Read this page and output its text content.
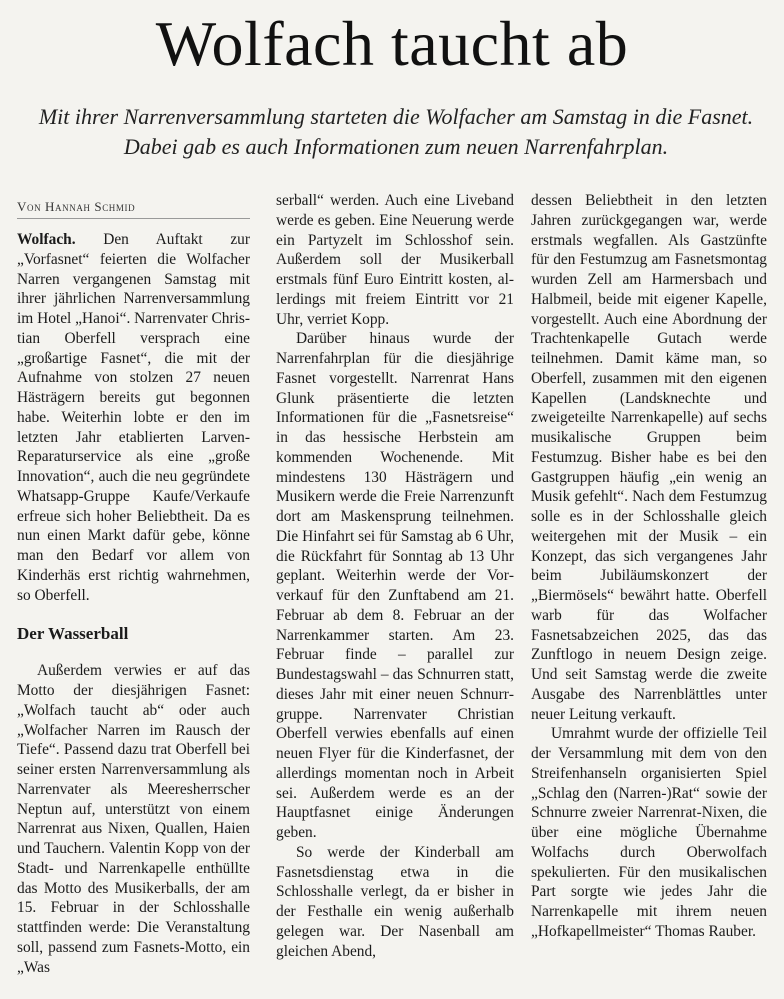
Wolfach taucht ab

Mit ihrer Narrenversammlung starteten die Wolfacher am Samstag in die Fasnet. Dabei gab es auch Informationen zum neuen Narrenfahrplan.

Von Hannah Schmid

Wolfach. Den Auftakt zur „Vorfasnet“ feierten die Wolfacher Narren vergangenen Samstag mit ihrer jährlichen Narrenversammlung im Hotel „Hanoi“. Narrenvater Christian Oberfell versprach eine „großartige Fasnet“, die mit der Aufnahme von stolzen 27 neuen Hästrägern bereits gut begonnen habe. Weiterhin lobte er den im letzten Jahr etablierten Larven-Reparaturservice als eine „große Innovation“, auch die neu gegründete Whatsapp-Gruppe Kaufe/Verkaufe erfreue sich hoher Beliebtheit. Da es nun einen Markt dafür gebe, könne man den Bedarf vor allem von Kinderhäs erst richtig wahrnehmen, so Oberfell.

Der Wasserball

Außerdem verwies er auf das Motto der diesjährigen Fasnet: „Wolfach taucht ab“ oder auch „Wolfacher Narren im Rausch der Tiefe“. Passend dazu trat Oberfell bei seiner ersten Narrenversammlung als Narrenvater als Meeresherrscher Neptun auf, unterstützt von einem Narrenrat aus Nixen, Quallen, Haien und Tauchern. Valentin Kopp von der Stadt- und Narrenkapelle enthüllte das Motto des Musikerballs, der am 15. Februar in der Schlosshalle stattfinden werde: Die Veranstaltung soll, passend zum Fasnets-Motto, ein „Was

serball“ werden. Auch eine Liveband werde es geben. Eine Neuerung werde ein Partyzelt im Schlosshof sein. Außerdem soll der Musikerball erstmals fünf Euro Eintritt kosten, allerdings mit freiem Eintritt vor 21 Uhr, verriet Kopp.

Darüber hinaus wurde der Narrenfahrplan für die diesjährige Fasnet vorgestellt. Narrenrat Hans Glunk präsentierte die letzten Informationen für die „Fasnetsreise“ in das hessische Herbstein am kommenden Wochenende. Mit mindestens 130 Hästrägern und Musikern werde die Freie Narrenzunft dort am Maskensprung teilnehmen. Die Hinfahrt sei für Samstag ab 6 Uhr, die Rückfahrt für Sonntag ab 13 Uhr geplant. Weiterhin werde der Vorverkauf für den Zunftabend am 21. Februar ab dem 8. Februar an der Narrenkammer starten. Am 23. Februar finde – parallel zur Bundestagswahl – das Schnurren statt, dieses Jahr mit einer neuen Schnurrgruppe. Narrenvater Christian Oberfell verwies ebenfalls auf einen neuen Flyer für die Kinderfasnet, der allerdings momentan noch in Arbeit sei. Außerdem werde es an der Hauptfasnet einige Änderungen geben.

So werde der Kinderball am Fasnetsdienstag etwa in die Schlosshalle verlegt, da er bisher in der Festhalle ein wenig außerhalb gelegen war. Der Nasenball am gleichen Abend,

dessen Beliebtheit in den letzten Jahren zurückgegangen war, werde erstmals wegfallen. Als Gastzünfte für den Festumzug am Fasnetsmontag wurden Zell am Harmersbach und Halbmeil, beide mit eigener Kapelle, vorgestellt. Auch eine Abordnung der Trachtenkapelle Gutach werde teilnehmen. Damit käme man, so Oberfell, zusammen mit den eigenen Kapellen (Landsknechte und zweigeteilte Narrenkapelle) auf sechs musikalische Gruppen beim Festumzug. Bisher habe es bei den Gastgruppen häufig „ein wenig an Musik gefehlt“. Nach dem Festumzug solle es in der Schlosshalle gleich weitergehen mit der Musik – ein Konzept, das sich vergangenes Jahr beim Jubiläumskonzert der „Biermösels“ bewährt hatte. Oberfell warb für das Wolfacher Fasnetsabzeichen 2025, das das Zunftlogo in neuem Design zeige. Und seit Samstag werde die zweite Ausgabe des Narrenblättles unter neuer Leitung verkauft.

Umrahmt wurde der offizielle Teil der Versammlung mit dem von den Streifenhanseln organisierten Spiel „Schlag den (Narren-)Rat“ sowie der Schnurre zweier Narrenrat-Nixen, die über eine mögliche Übernahme Wolfachs durch Oberwolfach spekulierten. Für den musikalischen Part sorgte wie jedes Jahr die Narrenkapelle mit ihrem neuen „Hofkapellmeister“ Thomas Rauber.
